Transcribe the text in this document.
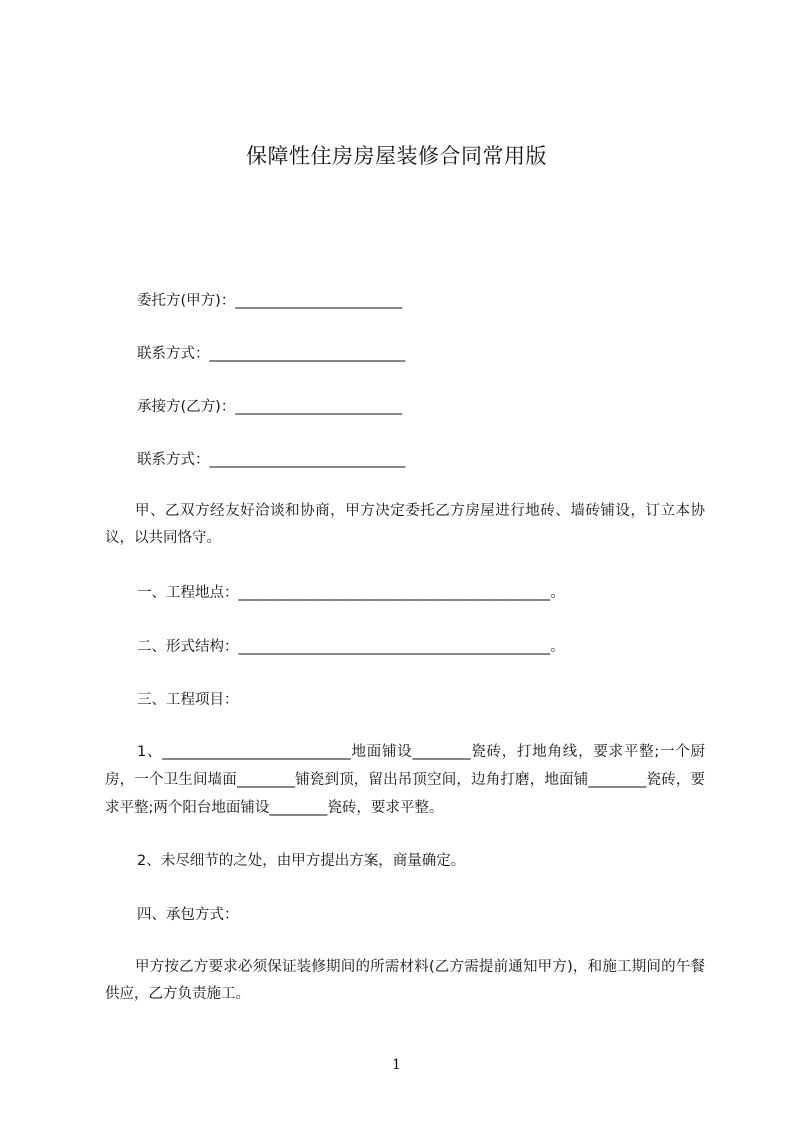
保障性住房房屋装修合同常用版
委托方(甲方)：_______________________
联系方式：___________________________
承接方(乙方)：_______________________
联系方式：___________________________
甲、乙双方经友好洽谈和协商，甲方决定委托乙方房屋进行地砖、墙砖铺设，订立本协议，以共同恪守。
一、工程地点：___________________________________________。
二、形式结构：___________________________________________。
三、工程项目：
1、__________________________地面铺设________瓷砖，打地角线，要求平整;一个厨房，一个卫生间墙面________铺瓷到顶，留出吊顶空间，边角打磨，地面铺________瓷砖，要求平整;两个阳台地面铺设________瓷砖，要求平整。
2、未尽细节的之处，由甲方提出方案，商量确定。
四、承包方式：
甲方按乙方要求必须保证装修期间的所需材料(乙方需提前通知甲方)，和施工期间的午餐供应，乙方负责施工。
1
